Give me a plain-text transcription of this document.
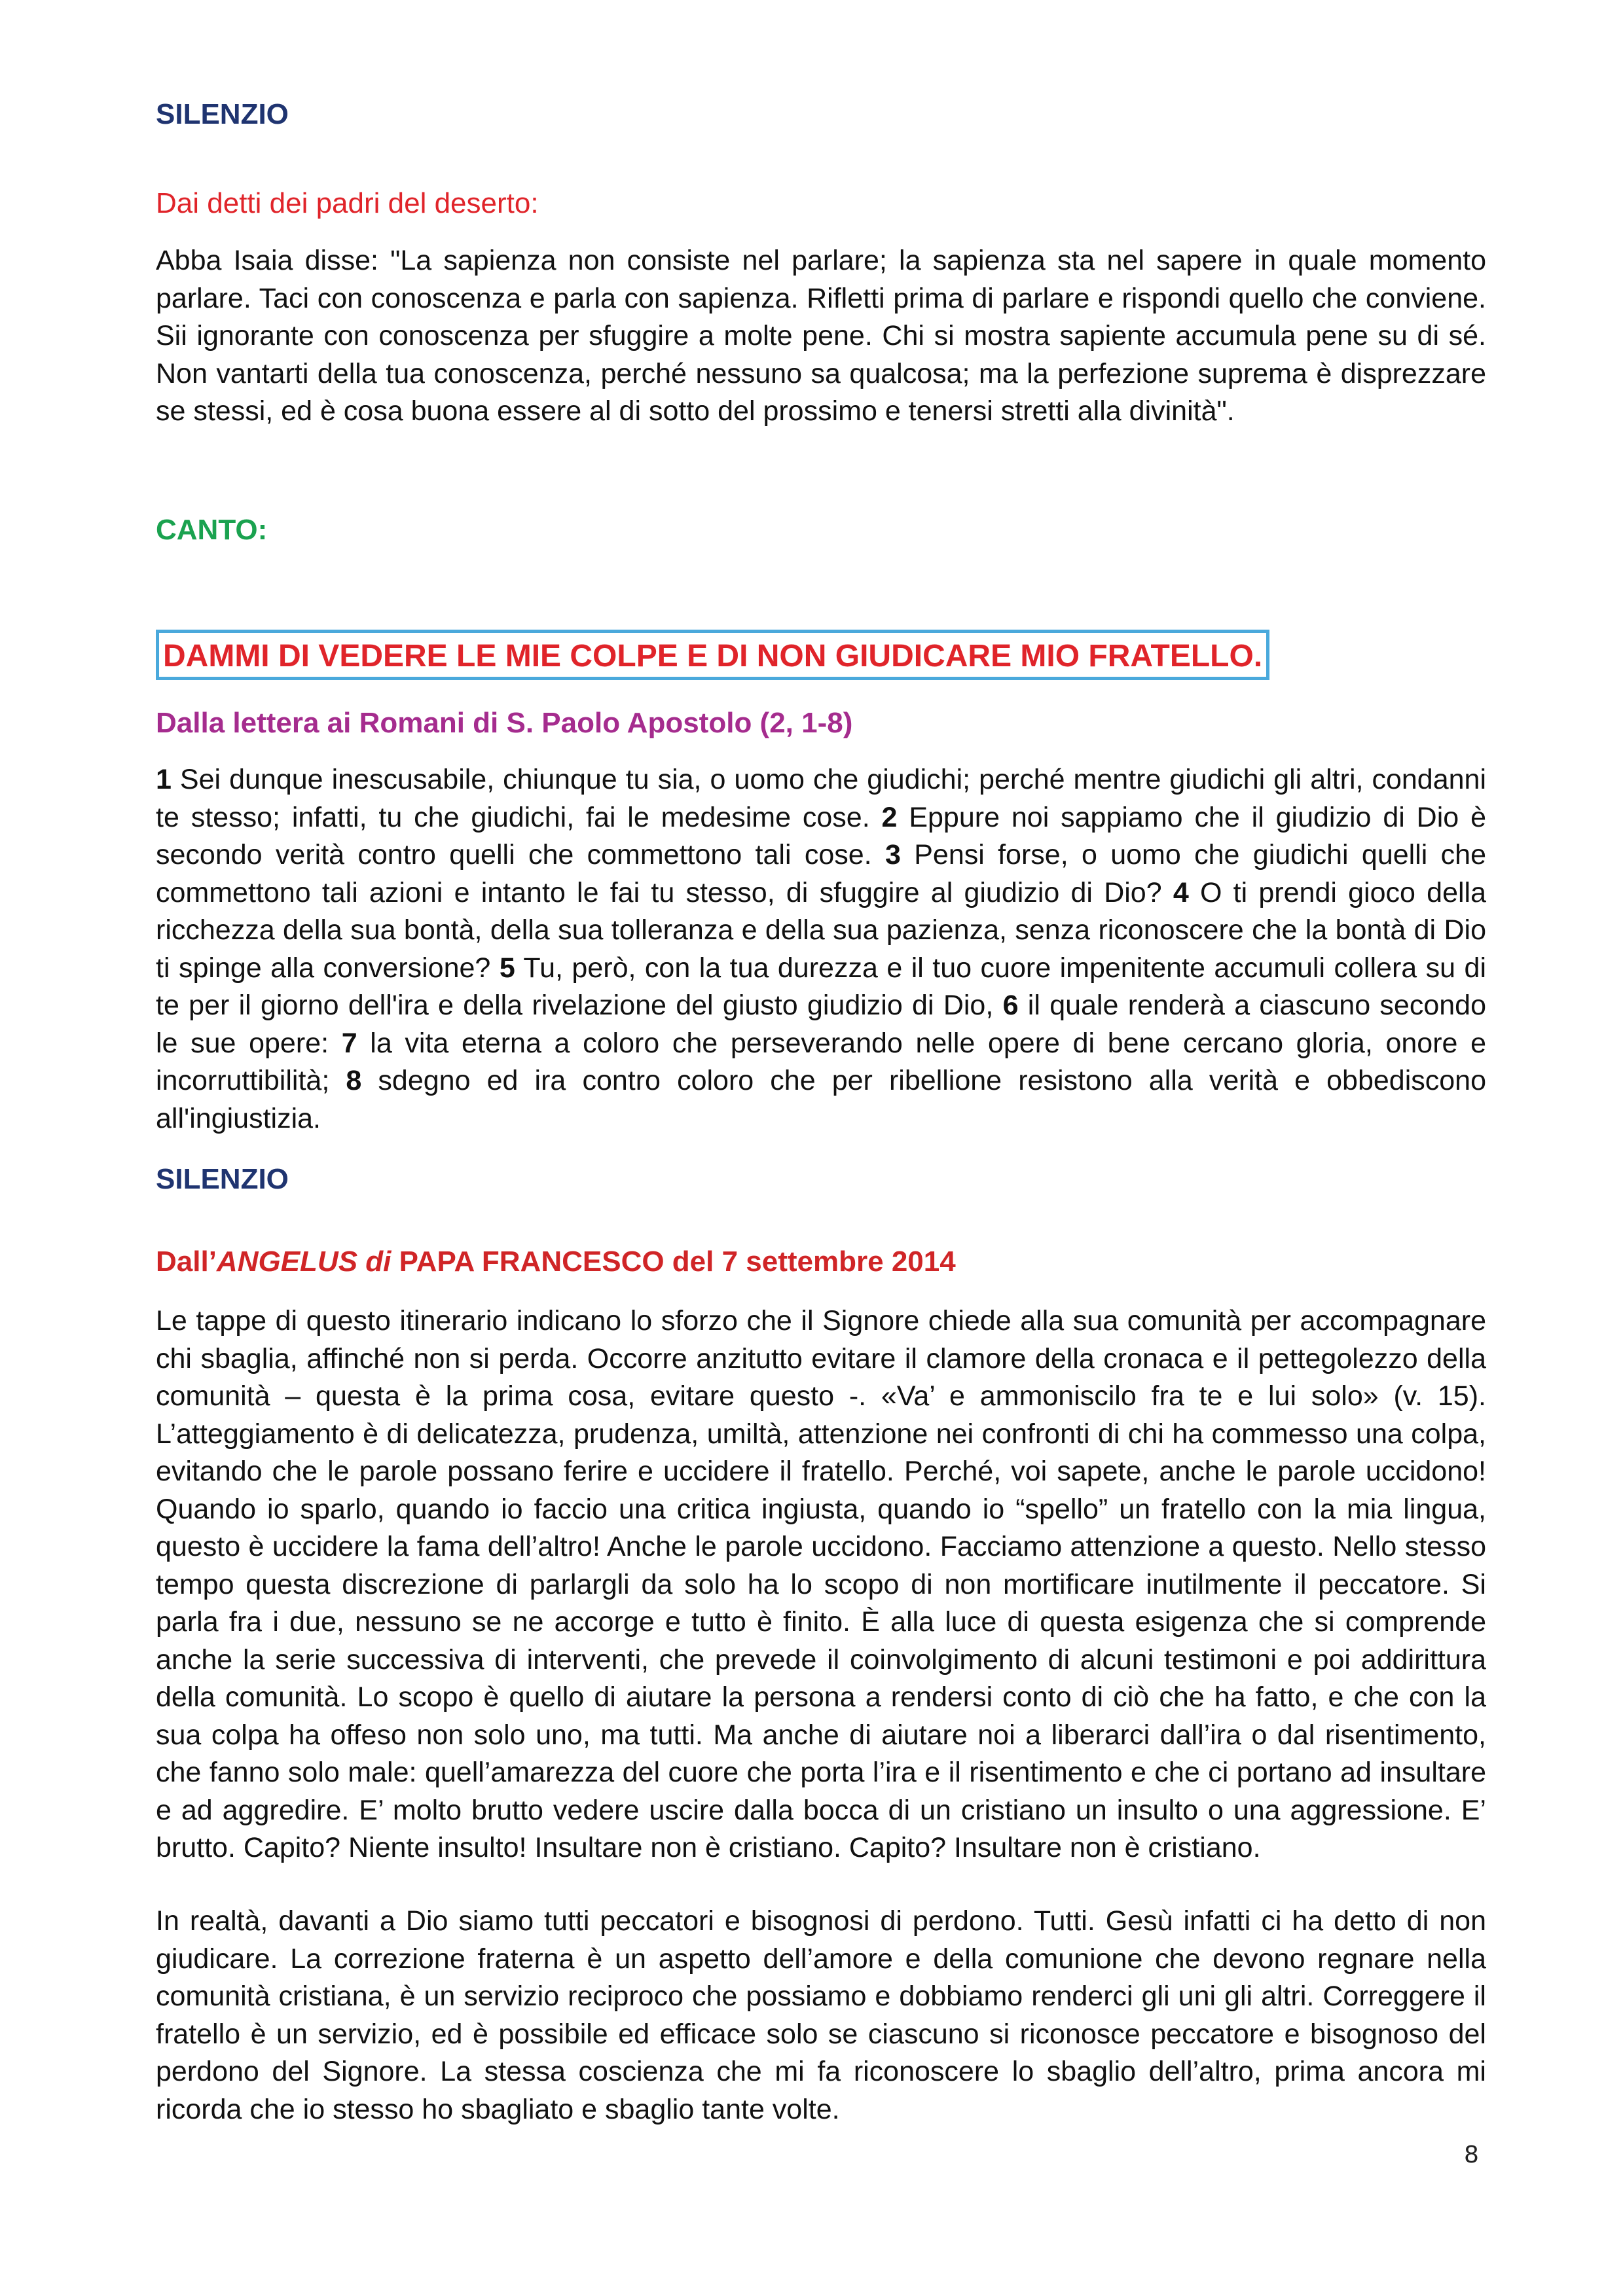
SILENZIO
Dai detti dei padri del deserto:

Abba Isaia disse: "La sapienza non consiste nel parlare; la sapienza sta nel sapere in quale momento parlare. Taci con conoscenza e parla con sapienza. Rifletti prima di parlare e rispondi quello che conviene. Sii ignorante con conoscenza per sfuggire a molte pene. Chi si mostra sapiente accumula pene su di sé. Non vantarti della tua conoscenza, perché nessuno sa qualcosa; ma la perfezione suprema è disprezzare se stessi, ed è cosa buona essere al di sotto del prossimo e tenersi stretti alla divinità".

CANTO:
DAMMI DI VEDERE LE MIE COLPE E DI NON GIUDICARE MIO FRATELLO.
Dalla lettera ai Romani di S. Paolo Apostolo (2, 1-8)

1 Sei dunque inescusabile, chiunque tu sia, o uomo che giudichi; perché mentre giudichi gli altri, condanni te stesso; infatti, tu che giudichi, fai le medesime cose. 2 Eppure noi sappiamo che il giudizio di Dio è secondo verità contro quelli che commettono tali cose. 3 Pensi forse, o uomo che giudichi quelli che commettono tali azioni e intanto le fai tu stesso, di sfuggire al giudizio di Dio? 4 O ti prendi gioco della ricchezza della sua bontà, della sua tolleranza e della sua pazienza, senza riconoscere che la bontà di Dio ti spinge alla conversione? 5 Tu, però, con la tua durezza e il tuo cuore impenitente accumuli collera su di te per il giorno dell'ira e della rivelazione del giusto giudizio di Dio, 6 il quale renderà a ciascuno secondo le sue opere: 7 la vita eterna a coloro che perseverando nelle opere di bene cercano gloria, onore e incorruttibilità; 8 sdegno ed ira contro coloro che per ribellione resistono alla verità e obbediscono all'ingiustizia.

SILENZIO
Dall’ANGELUS di PAPA FRANCESCO del 7 settembre 2014

Le tappe di questo itinerario indicano lo sforzo che il Signore chiede alla sua comunità per accompagnare chi sbaglia, affinché non si perda. Occorre anzitutto evitare il clamore della cronaca e il pettegolezzo della comunità – questa è la prima cosa, evitare questo -. «Va’ e ammoniscilo fra te e lui solo» (v. 15). L’atteggiamento è di delicatezza, prudenza, umiltà, attenzione nei confronti di chi ha commesso una colpa, evitando che le parole possano ferire e uccidere il fratello. Perché, voi sapete, anche le parole uccidono! Quando io sparlo, quando io faccio una critica ingiusta, quando io “spello” un fratello con la mia lingua, questo è uccidere la fama dell’altro! Anche le parole uccidono. Facciamo attenzione a questo. Nello stesso tempo questa discrezione di parlargli da solo ha lo scopo di non mortificare inutilmente il peccatore. Si parla fra i due, nessuno se ne accorge e tutto è finito. È alla luce di questa esigenza che si comprende anche la serie successiva di interventi, che prevede il coinvolgimento di alcuni testimoni e poi addirittura della comunità. Lo scopo è quello di aiutare la persona a rendersi conto di ciò che ha fatto, e che con la sua colpa ha offeso non solo uno, ma tutti. Ma anche di aiutare noi a liberarci dall’ira o dal risentimento, che fanno solo male: quell’amarezza del cuore che porta l’ira e il risentimento e che ci portano ad insultare e ad aggredire. E’ molto brutto vedere uscire dalla bocca di un cristiano un insulto o una aggressione. E’ brutto. Capito? Niente insulto! Insultare non è cristiano. Capito? Insultare non è cristiano.

In realtà, davanti a Dio siamo tutti peccatori e bisognosi di perdono. Tutti. Gesù infatti ci ha detto di non giudicare. La correzione fraterna è un aspetto dell’amore e della comunione che devono regnare nella comunità cristiana, è un servizio reciproco che possiamo e dobbiamo renderci gli uni gli altri. Correggere il fratello è un servizio, ed è possibile ed efficace solo se ciascuno si riconosce peccatore e bisognoso del perdono del Signore. La stessa coscienza che mi fa riconoscere lo sbaglio dell’altro, prima ancora mi ricorda che io stesso ho sbagliato e sbaglio tante volte.

8
